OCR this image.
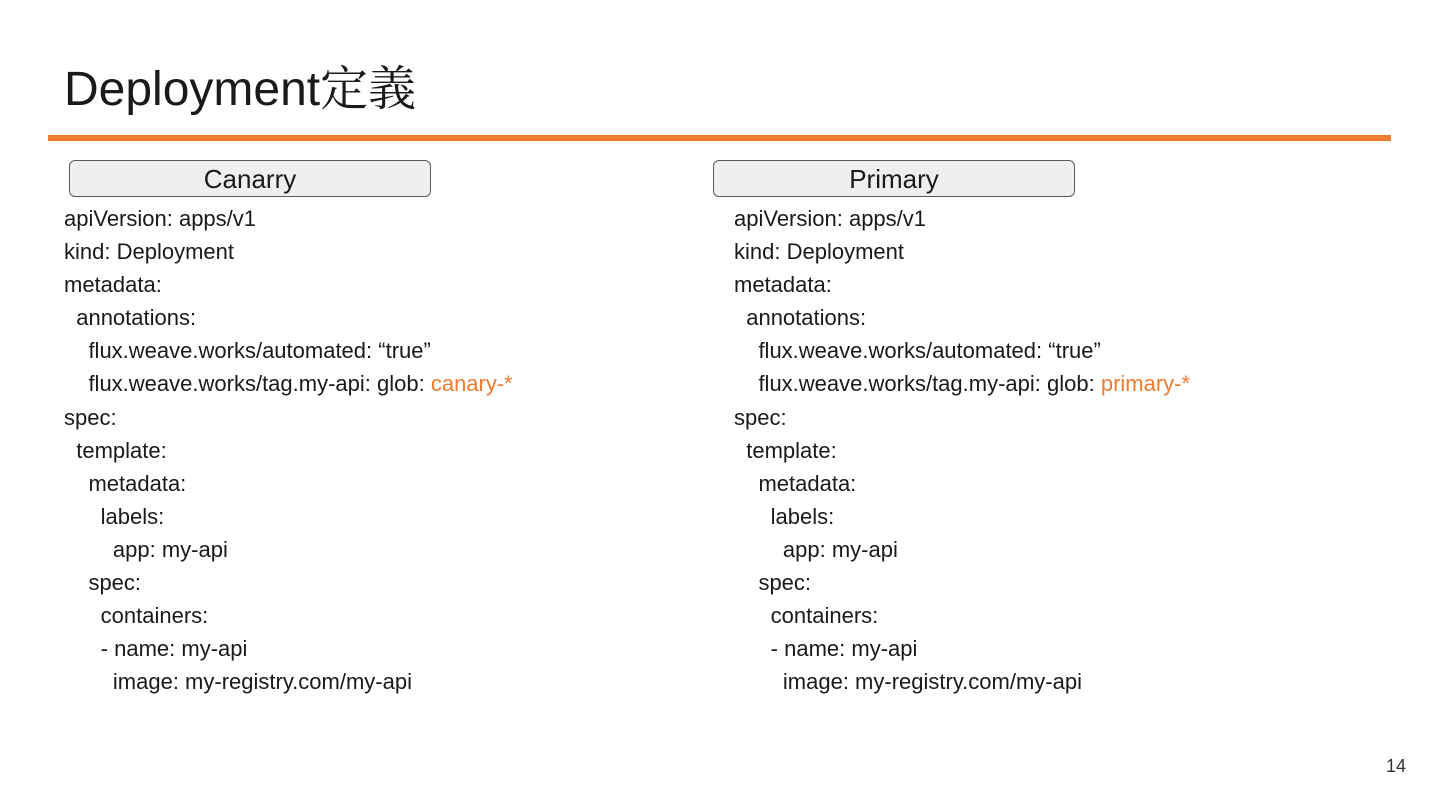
Deployment定義
Canarry
apiVersion: apps/v1
kind: Deployment
metadata:
annotations:
flux.weave.works/automated: “true”
flux.weave.works/tag.my-api: glob: canary-*
spec:
template:
metadata:
labels:
app: my-api
spec:
containers:
- name: my-api
image: my-registry.com/my-api
Primary
apiVersion: apps/v1
kind: Deployment
metadata:
annotations:
flux.weave.works/automated: “true”
flux.weave.works/tag.my-api: glob: primary-*
spec:
template:
metadata:
labels:
app: my-api
spec:
containers:
- name: my-api
image: my-registry.com/my-api
14
